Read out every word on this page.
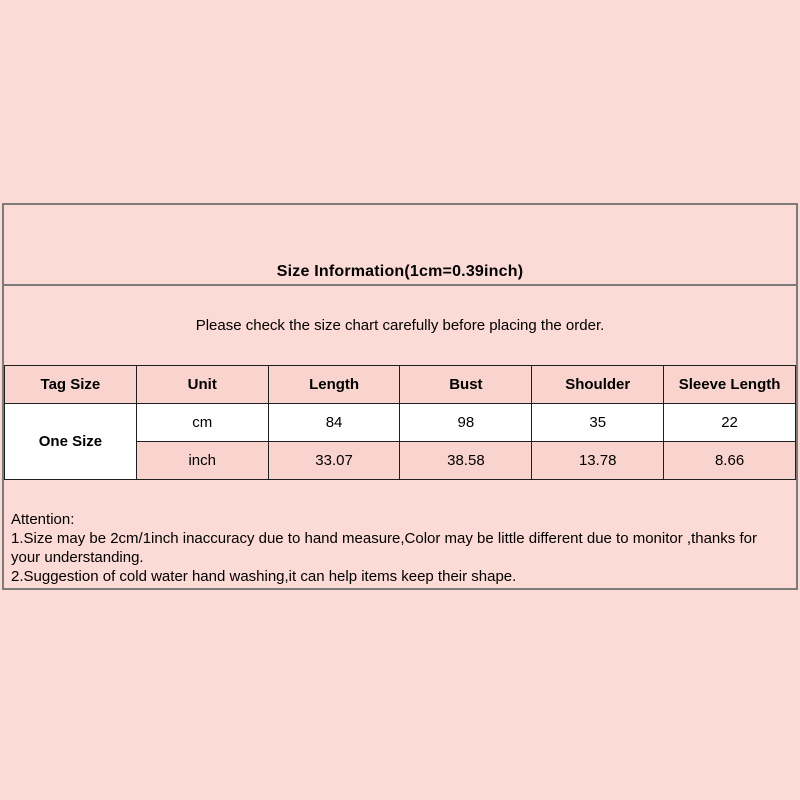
Size Information(1cm=0.39inch)
Please check the size chart carefully before placing the order.
Tag Size	Unit	Length	Bust	Shoulder	Sleeve Length
One Size	cm	84	98	35	22
	inch	33.07	38.58	13.78	8.66
Attention:
1.Size may be 2cm/1inch inaccuracy due to hand measure,Color may be little different due to monitor ,thanks for your understanding.
2.Suggestion of cold water hand washing,it can help items keep their shape.
